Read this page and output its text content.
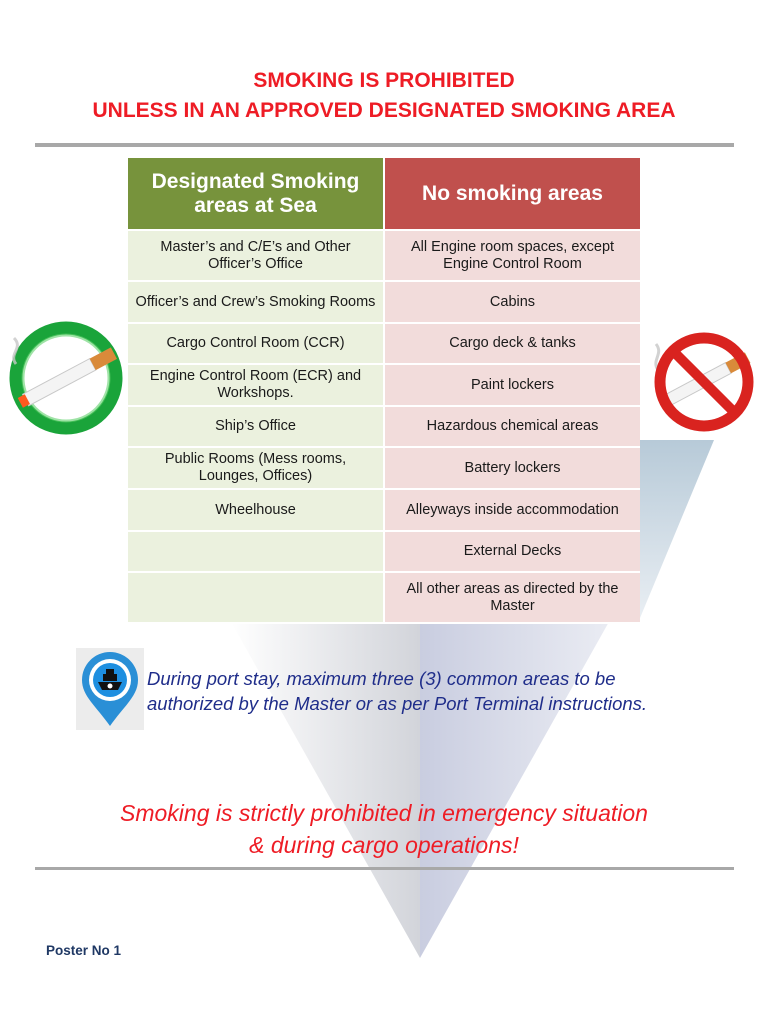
SMOKING IS PROHIBITED
UNLESS IN AN APPROVED DESIGNATED SMOKING AREA
Designated Smoking areas at Sea	No smoking areas
Master’s and C/E’s and Other Officer’s Office	All Engine room spaces, except Engine Control Room
Officer’s and Crew’s Smoking Rooms	Cabins
Cargo Control Room (CCR)	Cargo deck & tanks
Engine Control Room (ECR) and Workshops.	Paint lockers
Ship’s Office	Hazardous chemical areas
Public Rooms (Mess rooms, Lounges, Offices)	Battery lockers
Wheelhouse	Alleyways inside accommodation
	External Decks
	All other areas as directed by the Master
During port stay, maximum three (3) common areas to be
authorized by the Master or as per Port Terminal instructions.
Smoking is strictly prohibited in emergency situation
& during cargo operations!
Poster No 1
